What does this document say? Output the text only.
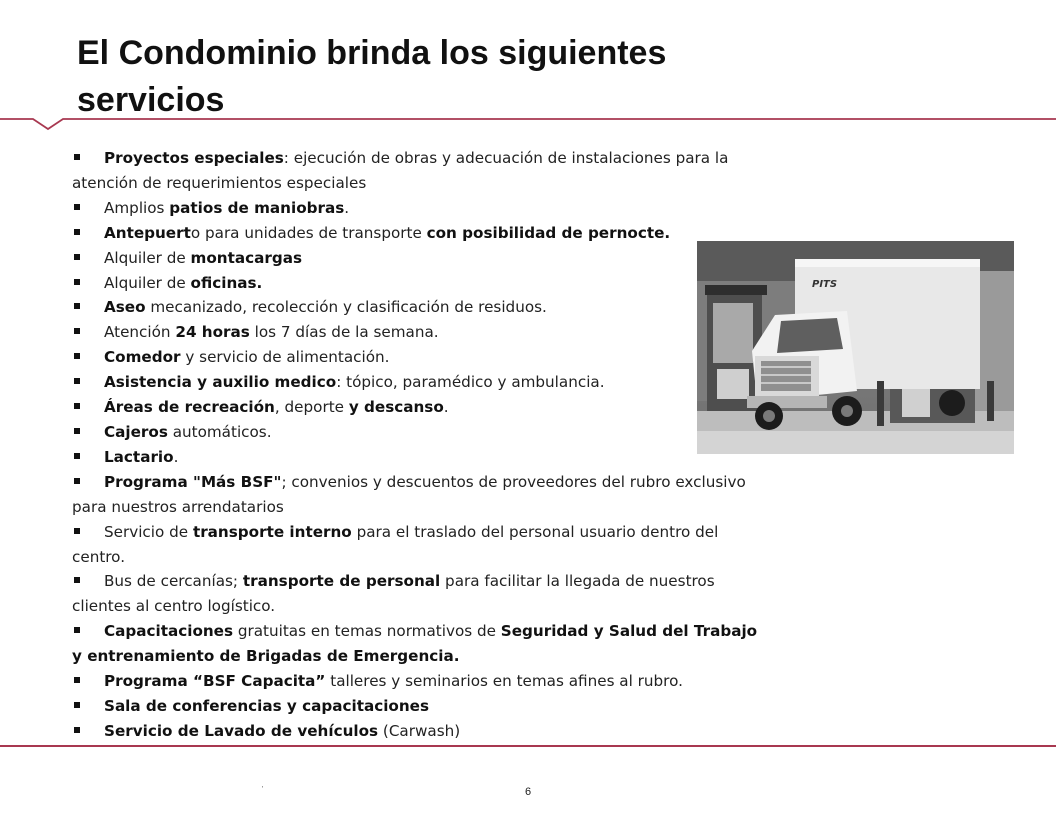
El Condominio brinda los siguientes servicios
Proyectos especiales: ejecución de obras y adecuación de instalaciones para la atención de requerimientos especiales
Amplios patios de maniobras.
Antepuerto para unidades de transporte con posibilidad de pernocte.
Alquiler de montacargas
Alquiler de oficinas.
Aseo mecanizado, recolección y clasificación de residuos.
Atención 24 horas los 7 días de la semana.
Comedor y servicio de alimentación.
Asistencia y auxilio medico: tópico, paramédico y ambulancia.
Áreas de recreación, deporte y descanso.
Cajeros automáticos.
Lactario.
Programa "Más BSF"; convenios y descuentos de proveedores del rubro exclusivo para nuestros arrendatarios
Servicio de transporte interno para el traslado del personal usuario dentro del centro.
Bus de cercanías; transporte de personal para facilitar la llegada de nuestros clientes al centro logístico.
Capacitaciones gratuitas en temas normativos de Seguridad y Salud del Trabajo y entrenamiento de Brigadas de Emergencia.
Programa “BSF Capacita” talleres y seminarios en temas afines al rubro.
Sala de conferencias y capacitaciones
Servicio de Lavado de vehículos (Carwash)
PITS
'	6
